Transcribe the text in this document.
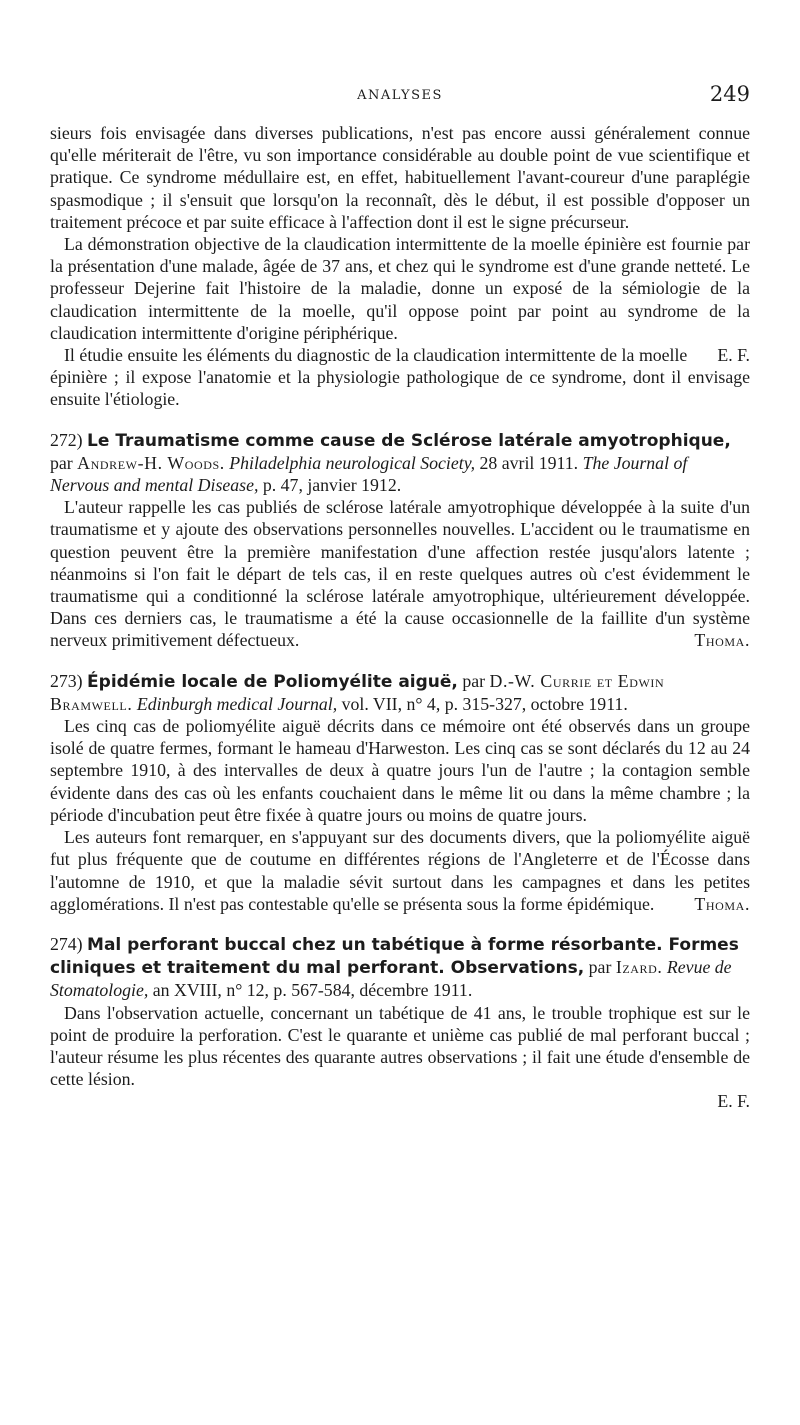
ANALYSES	249

sieurs fois envisagée dans diverses publications, n'est pas encore aussi généralement connue qu'elle mériterait de l'être, vu son importance considérable au double point de vue scientifique et pratique. Ce syndrome médullaire est, en effet, habituellement l'avant-coureur d'une paraplégie spasmodique ; il s'ensuit que lorsqu'on la reconnaît, dès le début, il est possible d'opposer un traitement précoce et par suite efficace à l'affection dont il est le signe précurseur.

La démonstration objective de la claudication intermittente de la moelle épinière est fournie par la présentation d'une malade, âgée de 37 ans, et chez qui le syndrome est d'une grande netteté. Le professeur Dejerine fait l'histoire de la maladie, donne un exposé de la sémiologie de la claudication intermittente de la moelle, qu'il oppose point par point au syndrome de la claudication intermittente d'origine périphérique.

E. F.
Il étudie ensuite les éléments du diagnostic de la claudication intermittente de la moelle épinière ; il expose l'anatomie et la physiologie pathologique de ce syndrome, dont il envisage ensuite l'étiologie.

272) Le Traumatisme comme cause de Sclérose latérale amyotrophique, par Andrew-H. Woods. Philadelphia neurological Society, 28 avril 1911. The Journal of Nervous and mental Disease, p. 47, janvier 1912.

L'auteur rappelle les cas publiés de sclérose latérale amyotrophique développée à la suite d'un traumatisme et y ajoute des observations personnelles nouvelles. L'accident ou le traumatisme en question peuvent être la première manifestation d'une affection restée jusqu'alors latente ; néanmoins si l'on fait le départ de tels cas, il en reste quelques autres où c'est évidemment le traumatisme qui a conditionné la sclérose latérale amyotrophique, ultérieurement développée. Dans ces derniers cas, le traumatisme a été la cause occasionnelle de la faillite d'un système nerveux primitivement défectueux.	Thoma.

273) Épidémie locale de Poliomyélite aiguë, par D.-W. Currie et Edwin Bramwell. Edinburgh medical Journal, vol. VII, n° 4, p. 315-327, octobre 1911.

Les cinq cas de poliomyélite aiguë décrits dans ce mémoire ont été observés dans un groupe isolé de quatre fermes, formant le hameau d'Harweston. Les cinq cas se sont déclarés du 12 au 24 septembre 1910, à des intervalles de deux à quatre jours l'un de l'autre ; la contagion semble évidente dans des cas où les enfants couchaient dans le même lit ou dans la même chambre ; la période d'incubation peut être fixée à quatre jours ou moins de quatre jours.

Les auteurs font remarquer, en s'appuyant sur des documents divers, que la poliomyélite aiguë fut plus fréquente que de coutume en différentes régions de l'Angleterre et de l'Écosse dans l'automne de 1910, et que la maladie sévit surtout dans les campagnes et dans les petites agglomérations. Il n'est pas contestable qu'elle se présenta sous la forme épidémique.	Thoma.

274) Mal perforant buccal chez un tabétique à forme résorbante. Formes cliniques et traitement du mal perforant. Observations, par Izard. Revue de Stomatologie, an XVIII, n° 12, p. 567-584, décembre 1911.

Dans l'observation actuelle, concernant un tabétique de 41 ans, le trouble trophique est sur le point de produire la perforation. C'est le quarante et unième cas publié de mal perforant buccal ; l'auteur résume les plus récentes des quarante autres observations ; il fait une étude d'ensemble de cette lésion.

E. F.
